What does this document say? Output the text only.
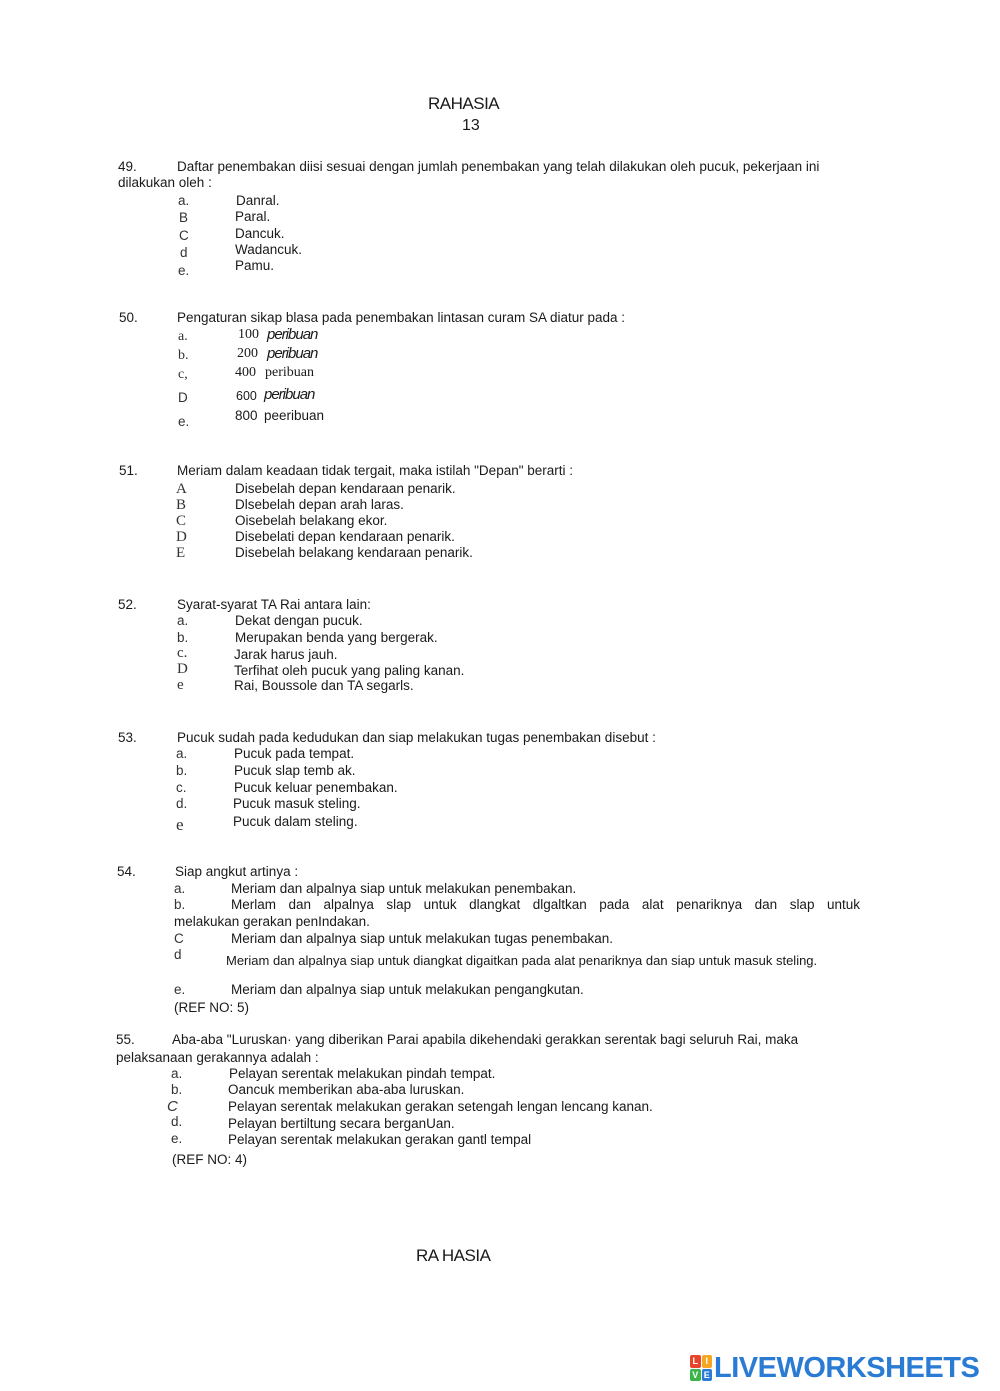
RAHASIA
13
49.	Daftar penembakan diisi sesuai dengan jumlah penembakan yang telah dilakukan oleh pucuk, pekerjaan ini
dilakukan oleh :
a.	Danral.
B	Paral.
C	Dancuk.
d	Wadancuk.
e.	Pamu.
50.	Pengaturan sikap blasa pada penembakan lintasan curam SA diatur pada :
a.	100 peribuan
b.	200 peribuan
c,	400 peribuan
D	600 peribuan
e.	800 peeribuan
51.	Meriam dalam keadaan tidak tergait, maka istilah "Depan" berarti :
A	Disebelah depan kendaraan penarik.
B	Dlsebelah depan arah laras.
C	Oisebelah belakang ekor.
D	Disebelati depan kendaraan penarik.
E	Disebelah belakang kendaraan penarik.
52.	Syarat-syarat TA Rai antara lain:
a.	Dekat dengan pucuk.
b.	Merupakan benda yang bergerak.
c.	Jarak harus jauh.
D	Terfihat oleh pucuk yang paling kanan.
e	Rai, Boussole dan TA segarls.
53.	Pucuk sudah pada kedudukan dan siap melakukan tugas penembakan disebut :
a.	Pucuk pada tempat.
b.	Pucuk slap temb ak.
c.	Pucuk keluar penembakan.
d.	Pucuk masuk steling.
e	Pucuk dalam steling.
54.	Siap angkut artinya :
a.	Meriam dan alpalnya siap untuk melakukan penembakan.
b.	Merlam dan alpalnya slap untuk dlangkat dlgaltkan pada alat penariknya dan slap untuk
melakukan gerakan penIndakan.
C	Meriam dan alpalnya siap untuk melakukan tugas penembakan.
d	Meriam dan alpalnya siap untuk diangkat digaitkan pada alat penariknya dan siap untuk masuk steling.
e.	Meriam dan alpalnya siap untuk melakukan pengangkutan.
(REF NO: 5)
55.	Aba-aba "Luruskan· yang diberikan Parai apabila dikehendaki gerakkan serentak bagi seluruh Rai, maka
pelaksanaan gerakannya adalah :
a.	Pelayan serentak melakukan pindah tempat.
b.	Oancuk memberikan aba-aba luruskan.
C	Pelayan serentak melakukan gerakan setengah lengan lencang kanan.
d.	Pelayan bertiltung secara berganUan.
e.	Pelayan serentak melakukan gerakan gantl tempal
(REF NO: 4)
RA HASIA
L I
V E LIVEWORKSHEETS
